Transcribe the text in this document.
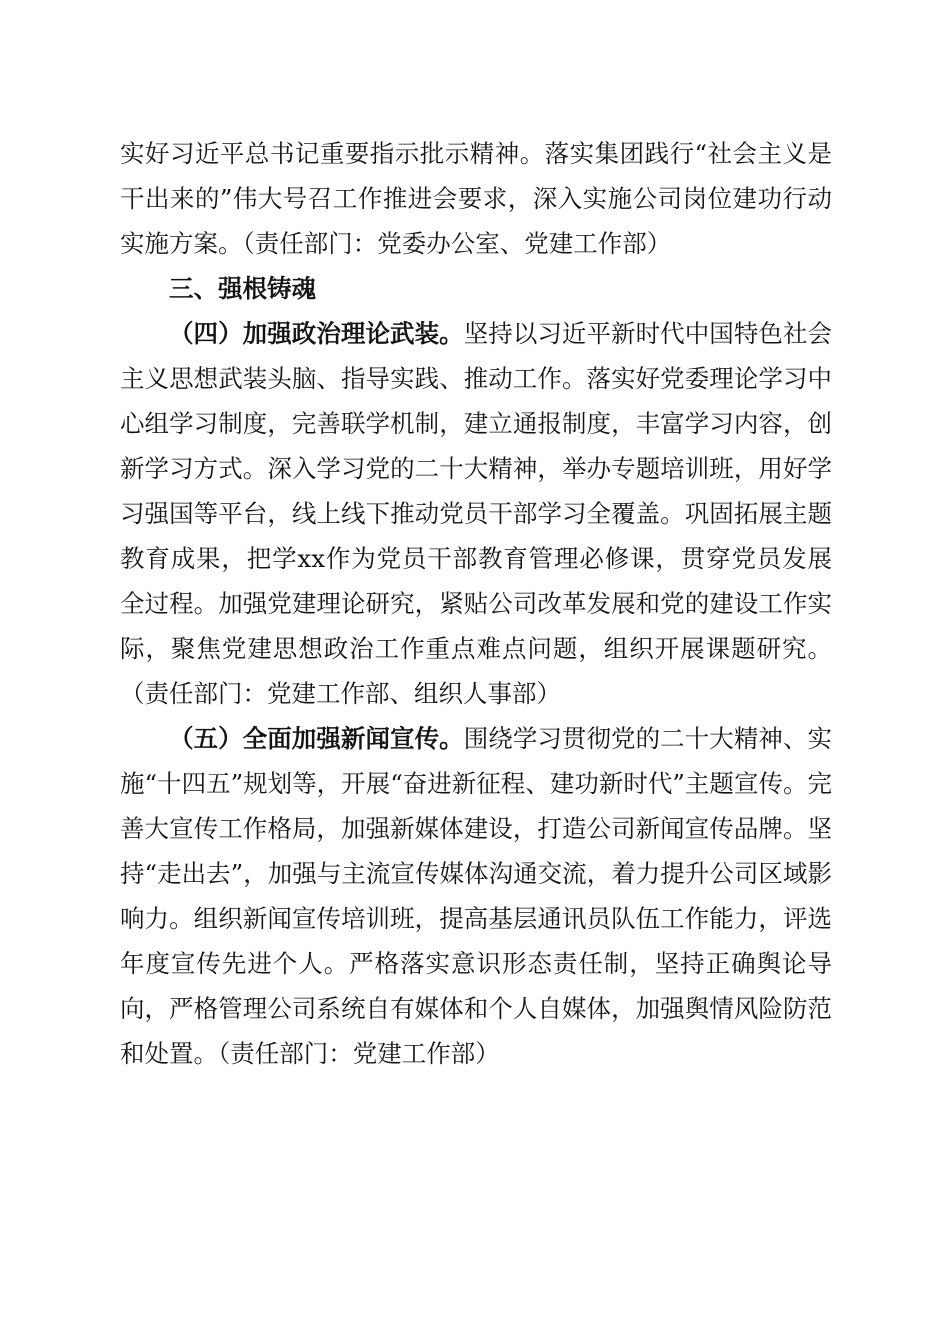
实好习近平总书记重要指示批示精神。落实集团践行“社会主义是干出来的”伟大号召工作推进会要求，深入实施公司岗位建功行动实施方案。（责任部门：党委办公室、党建工作部）

三、强根铸魂

（四）加强政治理论武装。坚持以习近平新时代中国特色社会主义思想武装头脑、指导实践、推动工作。落实好党委理论学习中心组学习制度，完善联学机制，建立通报制度，丰富学习内容，创新学习方式。深入学习党的二十大精神，举办专题培训班，用好学习强国等平台，线上线下推动党员干部学习全覆盖。巩固拓展主题教育成果，把学xx作为党员干部教育管理必修课，贯穿党员发展全过程。加强党建理论研究，紧贴公司改革发展和党的建设工作实际，聚焦党建思想政治工作重点难点问题，组织开展课题研究。（责任部门：党建工作部、组织人事部）

（五）全面加强新闻宣传。围绕学习贯彻党的二十大精神、实施“十四五”规划等，开展“奋进新征程、建功新时代”主题宣传。完善大宣传工作格局，加强新媒体建设，打造公司新闻宣传品牌。坚持“走出去”，加强与主流宣传媒体沟通交流，着力提升公司区域影响力。组织新闻宣传培训班，提高基层通讯员队伍工作能力，评选年度宣传先进个人。严格落实意识形态责任制，坚持正确舆论导向，严格管理公司系统自有媒体和个人自媒体，加强舆情风险防范和处置。（责任部门：党建工作部）
